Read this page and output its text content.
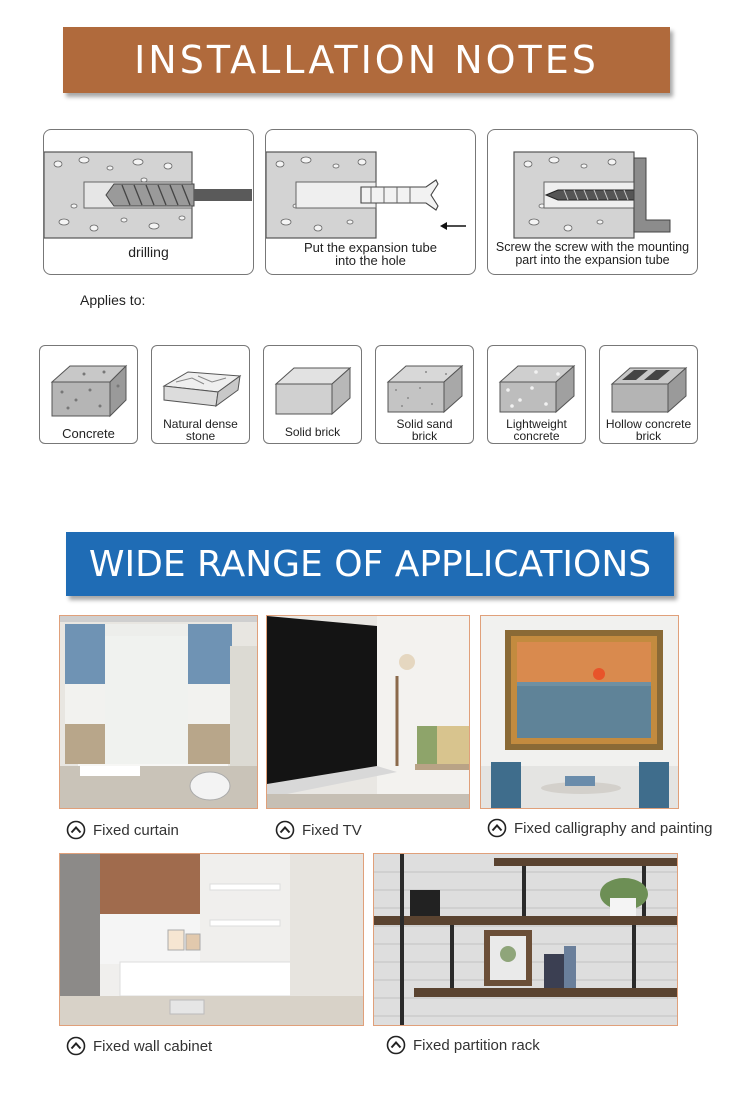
INSTALLATION NOTES
drilling	Put the expansion tube
into the hole
Screw the screw with the mounting
part into the expansion tube
Applies to:
Concrete
Natural dense
stone	Solid brick
Solid sand
brick
Lightweight
concrete
Hollow concrete
brick
WIDE RANGE OF APPLICATIONS
Fixed curtain	Fixed TV	Fixed calligraphy and painting
Fixed wall cabinet	Fixed partition rack
